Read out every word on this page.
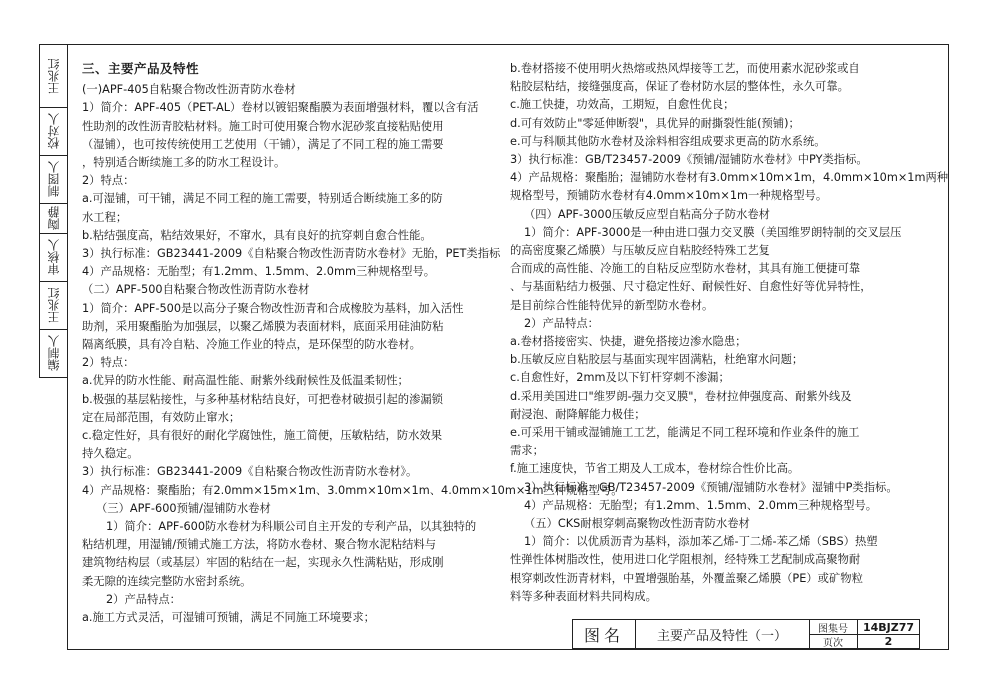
王兆红
校对人
制图人
陶静
审核人
王兆红
编制人
三、主要产品及特性
(一)APF-405自粘聚合物改性沥青防水卷材
1）简介：APF-405（PET-AL）卷材以镀铝聚酯膜为表面增强材料，覆以含有活
性助剂的改性沥青胶粘材料。施工时可使用聚合物水泥砂浆直接粘贴使用
（湿铺），也可按传统使用工艺使用（干铺），满足了不同工程的施工需要
，特别适合断续施工多的防水工程设计。
2）特点：
a.可湿铺，可干铺，满足不同工程的施工需要，特别适合断续施工多的防
水工程；
b.粘结强度高，粘结效果好，不窜水，具有良好的抗穿刺自愈合性能。
3）执行标准：GB23441-2009《自粘聚合物改性沥青防水卷材》无胎，PET类指标
4）产品规格：无胎型；有1.2mm、1.5mm、2.0mm三种规格型号。
（二）APF-500自粘聚合物改性沥青防水卷材
1）简介：APF-500是以高分子聚合物改性沥青和合成橡胶为基料，加入活性
助剂，采用聚酯胎为加强层，以聚乙烯膜为表面材料，底面采用硅油防粘
隔离纸膜，具有冷自粘、冷施工作业的特点，是环保型的防水卷材。
2）特点：
a.优异的防水性能、耐高温性能、耐紫外线耐候性及低温柔韧性；
b.极强的基层粘接性，与多种基材粘结良好，可把卷材破损引起的渗漏锁
定在局部范围，有效防止窜水；
c.稳定性好，具有很好的耐化学腐蚀性，施工简便，压敏粘结，防水效果
持久稳定。
3）执行标准：GB23441-2009《自粘聚合物改性沥青防水卷材》。
4）产品规格：聚酯胎；有2.0mm×15m×1m、3.0mm×10m×1m、4.0mm×10m×1m三种规格型号。
（三）APF-600预铺/湿铺防水卷材
1）简介：APF-600防水卷材为科顺公司自主开发的专利产品，以其独特的
粘结机理，用湿铺/预铺式施工方法，将防水卷材、聚合物水泥粘结料与
建筑物结构层（或基层）牢固的粘结在一起，实现永久性满粘贴，形成刚
柔无隙的连续完整防水密封系统。
2）产品特点：
a.施工方式灵活，可湿铺可预铺，满足不同施工环境要求；
b.卷材搭接不使用明火热熔或热风焊接等工艺，而使用素水泥砂浆或自
粘胶层粘结，接缝强度高，保证了卷材防水层的整体性，永久可靠。
c.施工快捷，功效高，工期短，自愈性优良；
d.可有效防止"零延伸断裂"，具优异的耐撕裂性能(预铺)；
e.可与科顺其他防水卷材及涂料相容组成要求更高的防水系统。
3）执行标准：GB/T23457-2009《预铺/湿铺防水卷材》中PY类指标。
4）产品规格：聚酯胎；湿铺防水卷材有3.0mm×10m×1m，4.0mm×10m×1m两种
规格型号，预铺防水卷材有4.0mm×10m×1m一种规格型号。
（四）APF-3000压敏反应型自粘高分子防水卷材
1）简介：APF-3000是一种由进口强力交叉膜（美国维罗朗特制的交叉层压
的高密度聚乙烯膜）与压敏反应自粘胶经特殊工艺复
合而成的高性能、冷施工的自粘反应型防水卷材，其具有施工便捷可靠
、与基面粘结力极强、尺寸稳定性好、耐候性好、自愈性好等优异特性，
是目前综合性能特优异的新型防水卷材。
2）产品特点：
a.卷材搭接密实、快捷，避免搭接边渗水隐患；
b.压敏反应自粘胶层与基面实现牢固满粘，杜绝窜水问题；
c.自愈性好，2mm及以下钉杆穿刺不渗漏；
d.采用美国进口"维罗朗-强力交叉膜"，卷材拉伸强度高、耐紫外线及
耐浸泡、耐降解能力极佳；
e.可采用干铺或湿铺施工工艺，能满足不同工程环境和作业条件的施工
需求；
f.施工速度快，节省工期及人工成本，卷材综合性价比高。
3）执行标准：GB/T23457-2009《预铺/湿铺防水卷材》湿铺中P类指标。
4）产品规格：无胎型；有1.2mm、1.5mm、2.0mm三种规格型号。
（五）CKS耐根穿刺高聚物改性沥青防水卷材
1）简介：以优质沥青为基料，添加苯乙烯-丁二烯-苯乙烯（SBS）热塑
性弹性体树脂改性，使用进口化学阻根剂，经特殊工艺配制成高聚物耐
根穿刺改性沥青材料，中置增强胎基，外覆盖聚乙烯膜（PE）或矿物粒
料等多种表面材料共同构成。
图名	主要产品及特性（一）	图集号	14BJZ77
页次	2
